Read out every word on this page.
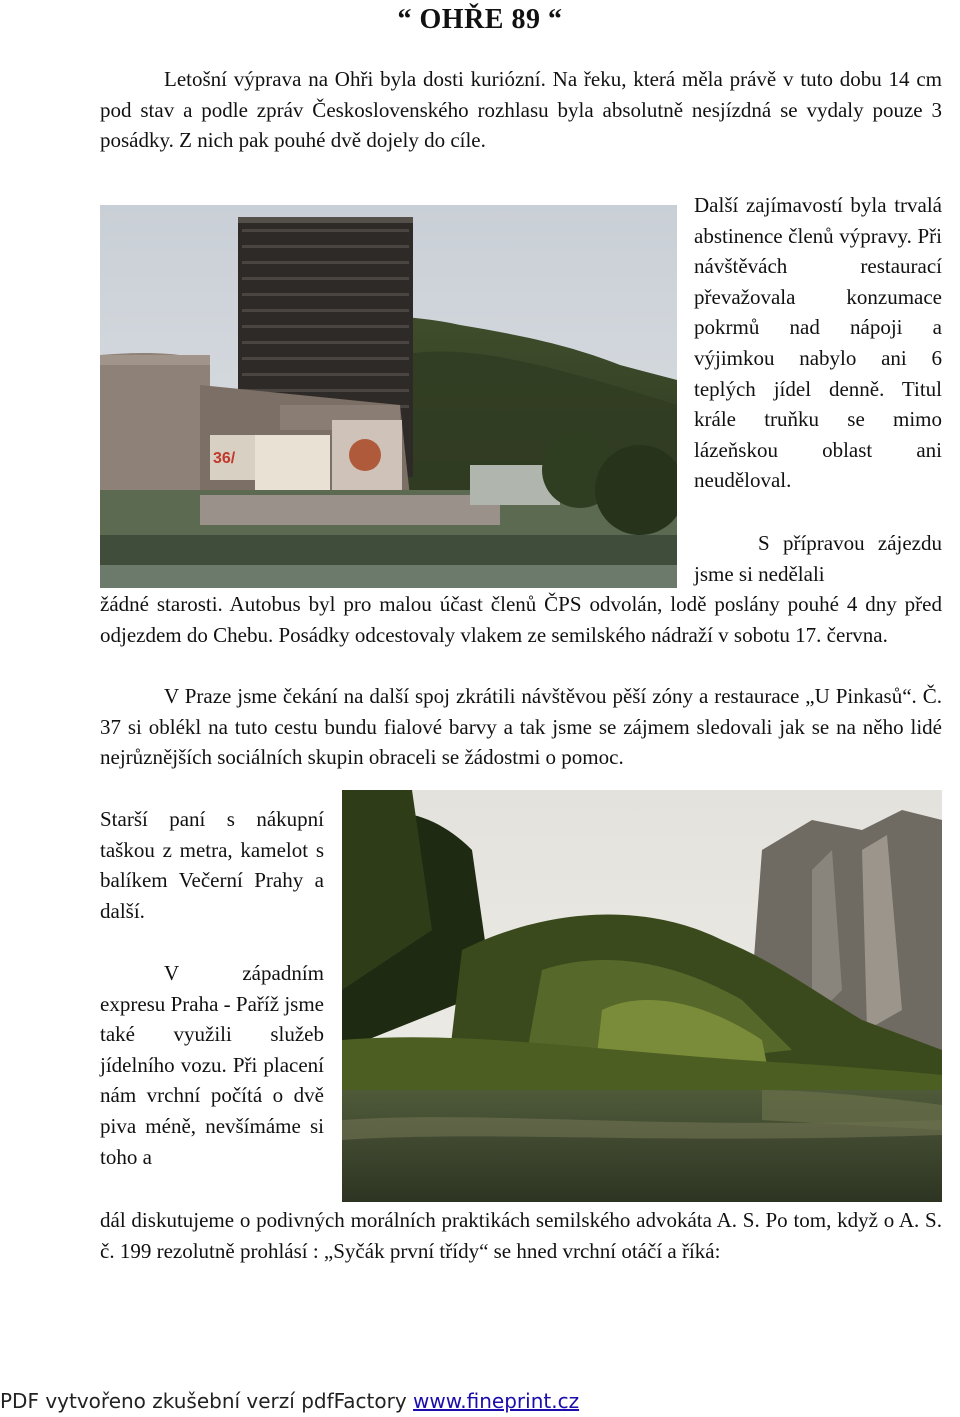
“ OHŘE 89 “

Letošní výprava na Ohři byla dosti kuriózní. Na řeku, která měla právě v tuto dobu 14 cm pod stav a podle zpráv Československého rozhlasu byla absolutně nesjízdná se vydaly pouze 3 posádky. Z nich pak pouhé dvě dojely do cíle.

36/

Další zajímavostí byla trvalá abstinence členů výpravy. Při návštěvách restaurací převažovala konzumace pokrmů nad nápoji a výjimkou nabylo ani 6 teplých jídel denně. Titul krále truňku se mimo lázeňskou oblast ani neuděloval.

S přípravou zájezdu jsme si nedělali

žádné starosti. Autobus byl pro malou účast členů ČPS odvolán, lodě poslány pouhé 4 dny před odjezdem do Chebu. Posádky odcestovaly vlakem ze semilského nádraží v sobotu 17. června.

V Praze jsme čekání na další spoj zkrátili návštěvou pěší zóny a restaurace „U Pinkasů“. Č. 37 si oblékl na tuto cestu bundu fialové barvy a tak jsme se zájmem sledovali jak se na něho lidé nejrůznějších sociálních skupin obraceli se žádostmi o pomoc.

Starší paní s nákupní taškou z metra, kamelot s balíkem Večerní Prahy a další.

V západním expresu Praha - Paříž jsme také využili služeb jídelního vozu. Při placení nám vrchní počítá o dvě piva méně, nevšímáme si toho a

dál diskutujeme o podivných morálních praktikách semilského advokáta A. S. Po tom, když o A. S. č. 199 rezolutně prohlásí : „Syčák první třídy“ se hned vrchní otáčí a říká:

PDF vytvořeno zkušební verzí pdfFactory www.fineprint.cz
